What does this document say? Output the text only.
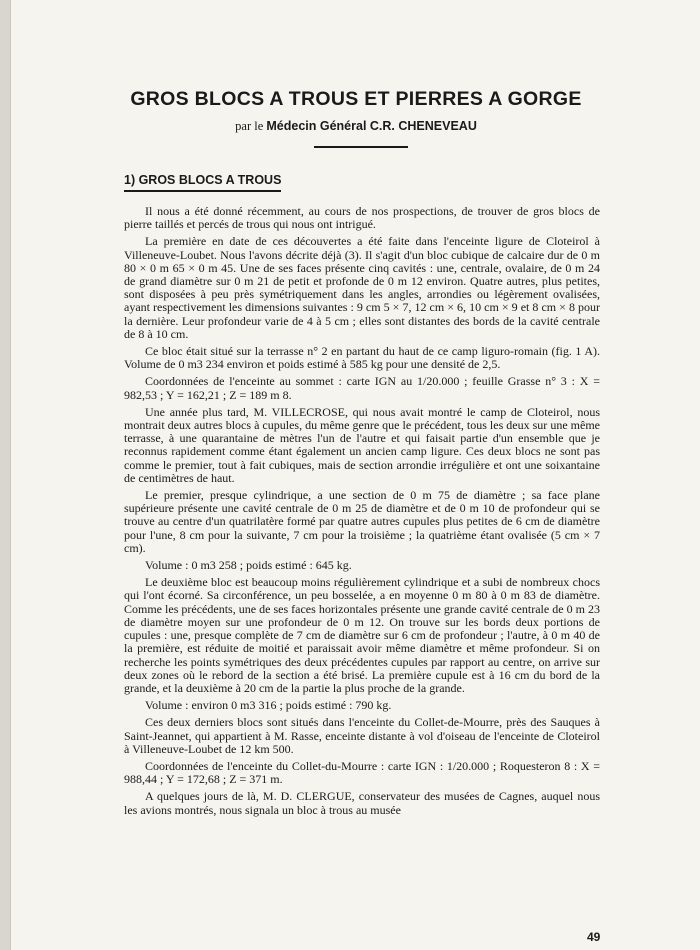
GROS BLOCS A TROUS ET PIERRES A GORGE
par le Médecin Général C.R. CHENEVEAU
1) GROS BLOCS A TROUS

Il nous a été donné récemment, au cours de nos prospections, de trouver de gros blocs de pierre taillés et percés de trous qui nous ont intrigué.

La première en date de ces découvertes a été faite dans l'enceinte ligure de Cloteirol à Villeneuve-Loubet. Nous l'avons décrite déjà (3). Il s'agit d'un bloc cubique de calcaire dur de 0 m 80 × 0 m 65 × 0 m 45. Une de ses faces présente cinq cavités : une, centrale, ovalaire, de 0 m 24 de grand diamètre sur 0 m 21 de petit et profonde de 0 m 12 environ. Quatre autres, plus petites, sont disposées à peu près symétriquement dans les angles, arrondies ou légèrement ovalisées, ayant respectivement les dimensions suivantes : 9 cm 5 × 7, 12 cm × 6, 10 cm × 9 et 8 cm × 8 pour la dernière. Leur profondeur varie de 4 à 5 cm ; elles sont distantes des bords de la cavité centrale de 8 à 10 cm.

Ce bloc était situé sur la terrasse n° 2 en partant du haut de ce camp liguro-romain (fig. 1 A). Volume de 0 m3 234 environ et poids estimé à 585 kg pour une densité de 2,5.

Coordonnées de l'enceinte au sommet : carte IGN au 1/20.000 ; feuille Grasse n° 3 : X = 982,53 ; Y = 162,21 ; Z = 189 m 8.

Une année plus tard, M. VILLECROSE, qui nous avait montré le camp de Cloteirol, nous montrait deux autres blocs à cupules, du même genre que le précédent, tous les deux sur une même terrasse, à une quarantaine de mètres l'un de l'autre et qui faisait partie d'un ensemble que je reconnus rapidement comme étant également un ancien camp ligure. Ces deux blocs ne sont pas comme le premier, tout à fait cubiques, mais de section arrondie irrégulière et ont une soixantaine de centimètres de haut.

Le premier, presque cylindrique, a une section de 0 m 75 de diamètre ; sa face plane supérieure présente une cavité centrale de 0 m 25 de diamètre et de 0 m 10 de profondeur qui se trouve au centre d'un quatrilatère formé par quatre autres cupules plus petites de 6 cm de diamètre pour l'une, 8 cm pour la suivante, 7 cm pour la troisième ; la quatrième étant ovalisée (5 cm × 7 cm).

Volume : 0 m3 258 ; poids estimé : 645 kg.

Le deuxième bloc est beaucoup moins régulièrement cylindrique et a subi de nombreux chocs qui l'ont écorné. Sa circonférence, un peu bosselée, a en moyenne 0 m 80 à 0 m 83 de diamètre. Comme les précédents, une de ses faces horizontales présente une grande cavité centrale de 0 m 23 de diamètre moyen sur une profondeur de 0 m 12. On trouve sur les bords deux portions de cupules : une, presque complète de 7 cm de diamètre sur 6 cm de profondeur ; l'autre, à 0 m 40 de la première, est réduite de moitié et paraissait avoir même diamètre et même profondeur. Si on recherche les points symétriques des deux précédentes cupules par rapport au centre, on arrive sur deux zones où le rebord de la section a été brisé. La première cupule est à 16 cm du bord de la grande, et la deuxième à 20 cm de la partie la plus proche de la grande.

Volume : environ 0 m3 316 ; poids estimé : 790 kg.

Ces deux derniers blocs sont situés dans l'enceinte du Collet-de-Mourre, près des Sauques à Saint-Jeannet, qui appartient à M. Rasse, enceinte distante à vol d'oiseau de l'enceinte de Cloteirol à Villeneuve-Loubet de 12 km 500.

Coordonnées de l'enceinte du Collet-du-Mourre : carte IGN : 1/20.000 ; Roquesteron 8 : X = 988,44 ; Y = 172,68 ; Z = 371 m.

A quelques jours de là, M. D. CLERGUE, conservateur des musées de Cagnes, auquel nous les avions montrés, nous signala un bloc à trous au musée

49
